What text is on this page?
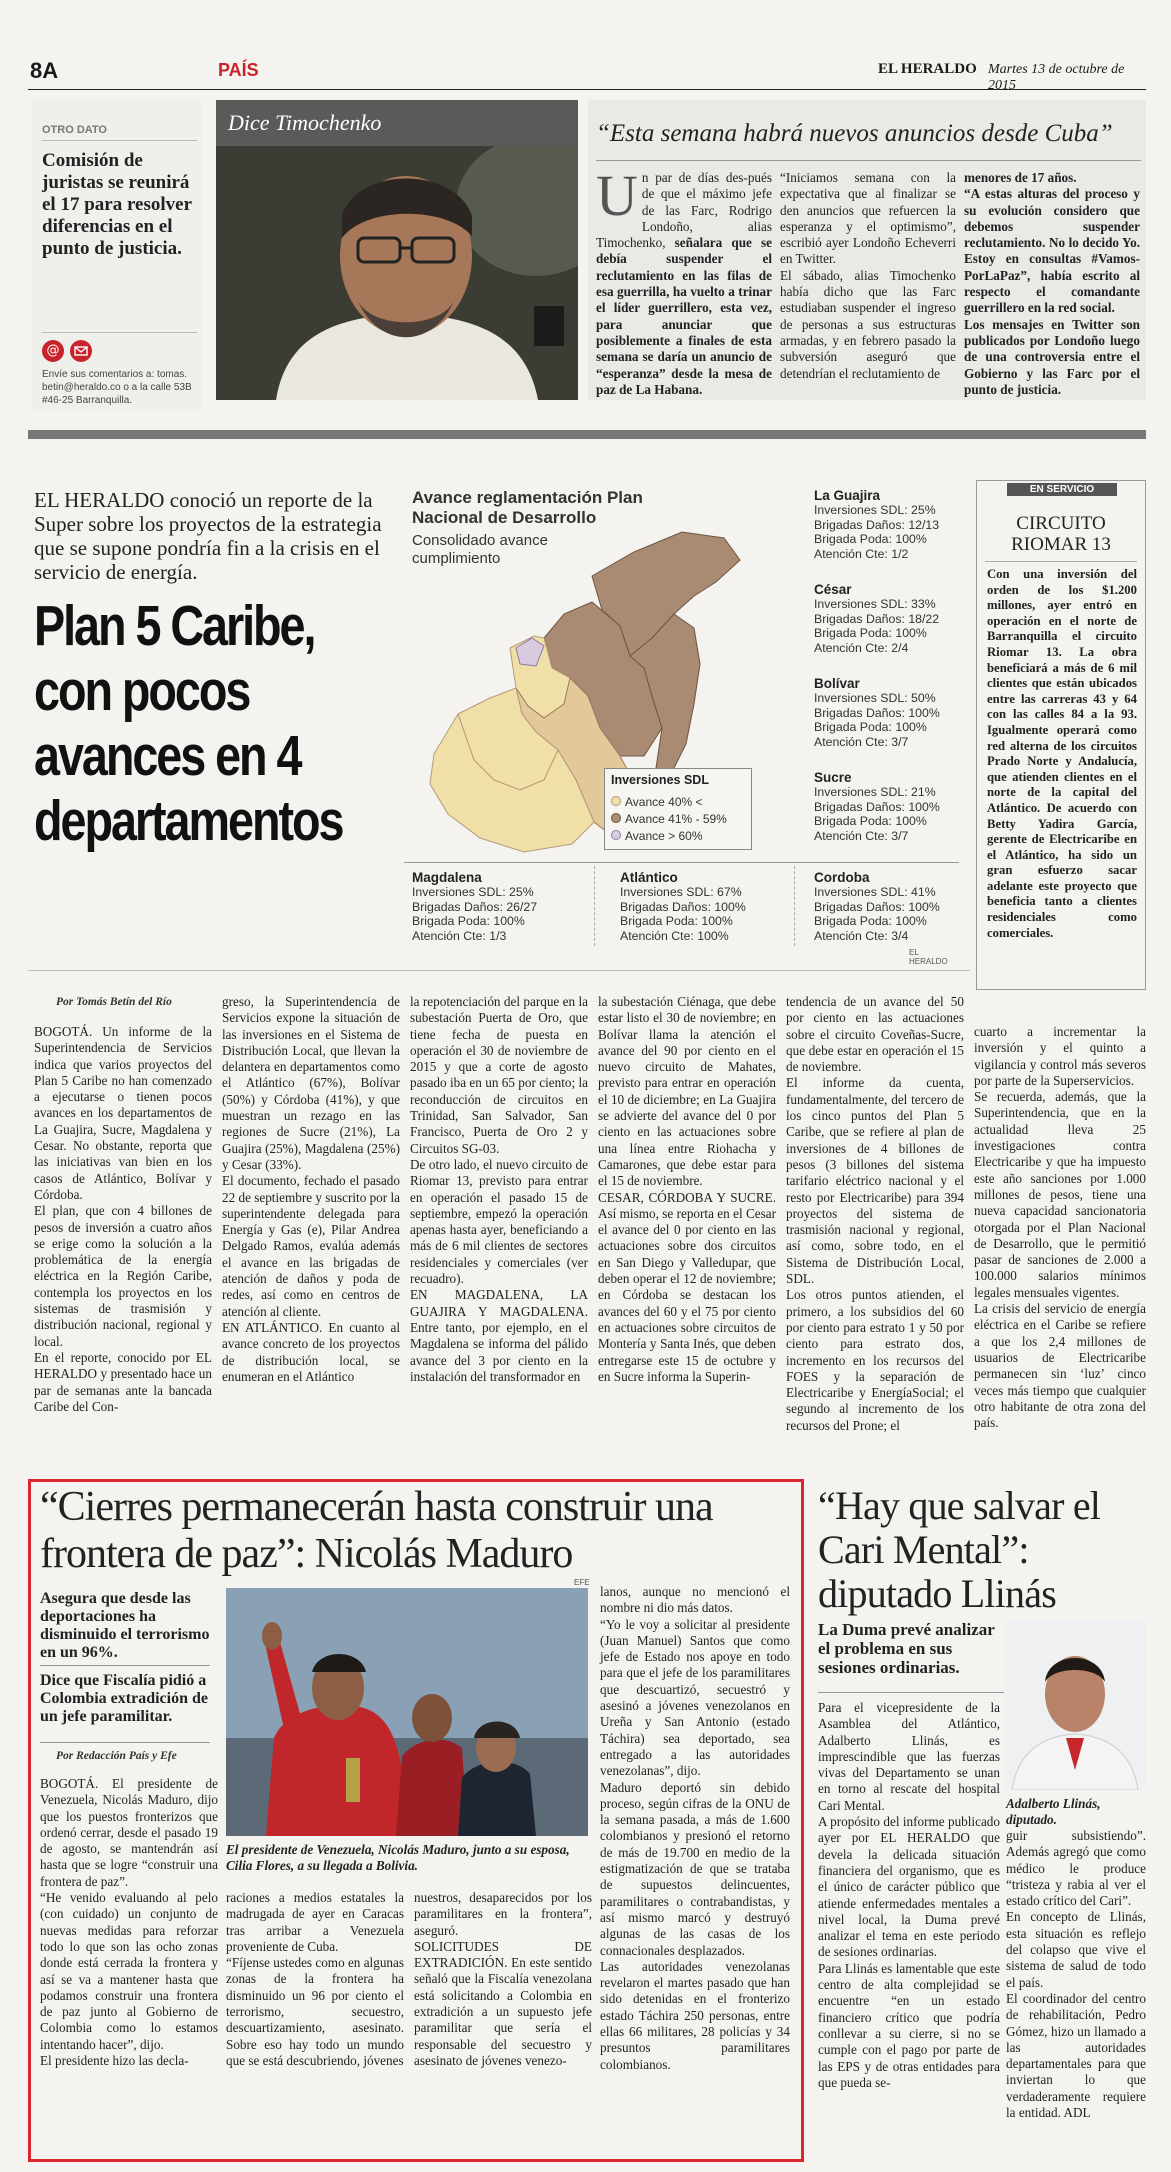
8A	PAÍS	EL HERALDO Martes 13 de octubre de 2015
OTRO DATO
Comisión de juristas se reunirá el 17 para resolver diferencias en el punto de justicia.
@
Envíe sus comentarios a: tomas. betin@heraldo.co o a la calle 53B #46-25 Barranquilla.
Dice Timochenko	“Esta semana habrá nuevos anuncios desde Cuba”
U n par de días des-pués de que el máximo jefe de las Farc, Rodrigo Londoño, alias Timochenko, señalara que se debía suspender el reclutamiento en las filas de esa guerrilla, ha vuelto a trinar el líder guerrillero, esta vez, para anunciar que posiblemente a finales de esta semana se daría un anuncio de “esperanza” desde la mesa de paz de La Habana.
“Iniciamos semana con la expectativa que al finalizar se den anuncios que refuercen la esperanza y el optimismo”, escribió ayer Londoño Echeverri en Twitter.
El sábado, alias Timochenko había dicho que las Farc estudiaban suspender el ingreso de personas a sus estructuras armadas, y en febrero pasado la subversión aseguró que detendrían el reclutamiento de
menores de 17 años.
“A estas alturas del proceso y su evolución considero que debemos suspender reclutamiento. No lo decido Yo. Estoy en consultas #Vamos-PorLaPaz”, había escrito al respecto el comandante guerrillero en la red social.
Los mensajes en Twitter son publicados por Londoño luego de una controversia entre el Gobierno y las Farc por el punto de justicia.
EL HERALDO conoció un reporte de la Super sobre los proyectos de la estrategia que se supone pondría fin a la crisis en el servicio de energía.
Plan 5 Caribe, con pocos avances en 4 departamentos
Avance reglamentación Plan Nacional de Desarrollo
Consolidado avance cumplimiento
Inversiones SDL
Avance 40% <
Avance 41% - 59%
Avance > 60%
La Guajira
Inversiones SDL: 25%
Brigadas Daños: 12/13
Brigada Poda: 100%
Atención Cte: 1/2
César
Inversiones SDL: 33%
Brigadas Daños: 18/22
Brigada Poda: 100%
Atención Cte: 2/4
Bolívar
Inversiones SDL: 50%
Brigadas Daños: 100%
Brigada Poda: 100%
Atención Cte: 3/7
Sucre
Inversiones SDL: 21%
Brigadas Daños: 100%
Brigada Poda: 100%
Atención Cte: 3/7
Magdalena
Inversiones SDL: 25%
Brigadas Daños: 26/27
Brigada Poda: 100%
Atención Cte: 1/3
Atlántico
Inversiones SDL: 67%
Brigadas Daños: 100%
Brigada Poda: 100%
Atención Cte: 100%
Cordoba
Inversiones SDL: 41%
Brigadas Daños: 100%
Brigada Poda: 100%
Atención Cte: 3/4
EL HERALDO
EN SERVICIO
CIRCUITO RIOMAR 13
Con una inversión del orden de los $1.200 millones, ayer entró en operación en el norte de Barranquilla el circuito Riomar 13. La obra beneficiará a más de 6 mil clientes que están ubicados entre las carreras 43 y 64 con las calles 84 a la 93. Igualmente operará como red alterna de los circuitos Prado Norte y Andalucía, que atienden clientes en el norte de la capital del Atlántico. De acuerdo con Betty Yadira García, gerente de Electricaribe en el Atlántico, ha sido un gran esfuerzo sacar adelante este proyecto que beneficia tanto a clientes residenciales como comerciales.
Por Tomás Betín del Río
BOGOTÁ. Un informe de la Superintendencia de Servicios indica que varios proyectos del Plan 5 Caribe no han comenzado a ejecutarse o tienen pocos avances en los departamentos de La Guajira, Sucre, Magdalena y Cesar. No obstante, reporta que las iniciativas van bien en los casos de Atlántico, Bolívar y Córdoba.
El plan, que con 4 billones de pesos de inversión a cuatro años se erige como la solución a la problemática de la energía eléctrica en la Región Caribe, contempla los proyectos en los sistemas de trasmisión y distribución nacional, regional y local.
En el reporte, conocido por EL HERALDO y presentado hace un par de semanas ante la bancada Caribe del Con-
greso, la Superintendencia de Servicios expone la situación de las inversiones en el Sistema de Distribución Local, que llevan la delantera en departamentos como el Atlántico (67%), Bolívar (50%) y Córdoba (41%), y que muestran un rezago en las regiones de Sucre (21%), La Guajira (25%), Magdalena (25%) y Cesar (33%).
El documento, fechado el pasado 22 de septiembre y suscrito por la superintendente delegada para Energía y Gas (e), Pilar Andrea Delgado Ramos, evalúa además el avance en las brigadas de atención de daños y poda de redes, así como en centros de atención al cliente.
EN ATLÁNTICO. En cuanto al avance concreto de los proyectos de distribución local, se enumeran en el Atlántico
la repotenciación del parque en la subestación Puerta de Oro, que tiene fecha de puesta en operación el 30 de noviembre de 2015 y que a corte de agosto pasado iba en un 65 por ciento; la reconducción de circuitos en Trinidad, San Salvador, San Francisco, Puerta de Oro 2 y Circuitos SG-03.
De otro lado, el nuevo circuito de Riomar 13, previsto para entrar en operación el pasado 15 de septiembre, empezó la operación apenas hasta ayer, beneficiando a más de 6 mil clientes de sectores residenciales y comerciales (ver recuadro).
EN MAGDALENA, LA GUAJIRA Y MAGDALENA. Entre tanto, por ejemplo, en el Magdalena se informa del pálido avance del 3 por ciento en la instalación del transformador en
la subestación Ciénaga, que debe estar listo el 30 de noviembre; en Bolívar llama la atención el avance del 90 por ciento en el nuevo circuito de Mahates, previsto para entrar en operación el 10 de diciembre; en La Guajira se advierte del avance del 0 por ciento en las actuaciones sobre una línea entre Riohacha y Camarones, que debe estar para el 15 de noviembre.
CESAR, CÓRDOBA Y SUCRE. Así mismo, se reporta en el Cesar el avance del 0 por ciento en las actuaciones sobre dos circuitos en San Diego y Valledupar, que deben operar el 12 de noviembre; en Córdoba se destacan los avances del 60 y el 75 por ciento en actuaciones sobre circuitos de Montería y Santa Inés, que deben entregarse este 15 de octubre y en Sucre informa la Superin-
tendencia de un avance del 50 por ciento en las actuaciones sobre el circuito Coveñas-Sucre, que debe estar en operación el 15 de noviembre.
El informe da cuenta, fundamentalmente, del tercero de los cinco puntos del Plan 5 Caribe, que se refiere al plan de inversiones de 4 billones de pesos (3 billones del sistema tarifario eléctrico nacional y el resto por Electricaribe) para 394 proyectos del sistema de trasmisión nacional y regional, así como, sobre todo, en el Sistema de Distribución Local, SDL.
Los otros puntos atienden, el primero, a los subsidios del 60 por ciento para estrato 1 y 50 por ciento para estrato dos, incremento en los recursos del FOES y la separación de Electricaribe y EnergíaSocial; el segundo al incremento de los recursos del Prone; el
cuarto a incrementar la inversión y el quinto a vigilancia y control más severos por parte de la Superservicios.
Se recuerda, además, que la Superintendencia, que en la actualidad lleva 25 investigaciones contra Electricaribe y que ha impuesto este año sanciones por 1.000 millones de pesos, tiene una nueva capacidad sancionatoria otorgada por el Plan Nacional de Desarrollo, que le permitió pasar de sanciones de 2.000 a 100.000 salarios mínimos legales mensuales vigentes.
La crisis del servicio de energía eléctrica en el Caribe se refiere a que los 2,4 millones de usuarios de Electricaribe permanecen sin ‘luz’ cinco veces más tiempo que cualquier otro habitante de otra zona del país.
“Cierres permanecerán hasta construir una frontera de paz”: Nicolás Maduro
Asegura que desde las deportaciones ha disminuido el terrorismo en un 96%.
Dice que Fiscalía pidió a Colombia extradición de un jefe paramilitar.
Por Redacción País y Efe
EFE
El presidente de Venezuela, Nicolás Maduro, junto a su esposa, Cilia Flores, a su llegada a Bolivia.
BOGOTÁ. El presidente de Venezuela, Nicolás Maduro, dijo que los puestos fronterizos que ordenó cerrar, desde el pasado 19 de agosto, se mantendrán así hasta que se logre “construir una frontera de paz”.
“He venido evaluando al pelo (con cuidado) un conjunto de nuevas medidas para reforzar todo lo que son las ocho zonas donde está cerrada la frontera y así se va a mantener hasta que podamos construir una frontera de paz junto al Gobierno de Colombia como lo estamos intentando hacer”, dijo.
El presidente hizo las decla-
raciones a medios estatales la madrugada de ayer en Caracas tras arribar a Venezuela proveniente de Cuba.
“Fíjense ustedes como en algunas zonas de la frontera ha disminuido un 96 por ciento el terrorismo, secuestro, descuartizamiento, asesinato. Sobre eso hay todo un mundo que se está descubriendo, jóvenes
nuestros, desaparecidos por los paramilitares en la frontera”, aseguró.
SOLICITUDES DE EXTRADICIÓN. En este sentido señaló que la Fiscalía venezolana está solicitando a Colombia en extradición a un supuesto jefe paramilitar que sería el responsable del secuestro y asesinato de jóvenes venezo-
lanos, aunque no mencionó el nombre ni dio más datos.
“Yo le voy a solicitar al presidente (Juan Manuel) Santos que como jefe de Estado nos apoye en todo para que el jefe de los paramilitares que descuartizó, secuestró y asesinó a jóvenes venezolanos en Ureña y San Antonio (estado Táchira) sea deportado, sea entregado a las autoridades venezolanas”, dijo.
Maduro deportó sin debido proceso, según cifras de la ONU de la semana pasada, a más de 1.600 colombianos y presionó el retorno de más de 19.700 en medio de la estigmatización de que se trataba de supuestos delincuentes, paramilitares o contrabandistas, y así mismo marcó y destruyó algunas de las casas de los connacionales desplazados.
Las autoridades venezolanas revelaron el martes pasado que han sido detenidas en el fronterizo estado Táchira 250 personas, entre ellas 66 militares, 28 policías y 34 presuntos paramilitares colombianos.
“Hay que salvar el Cari Mental”: diputado Llinás
La Duma prevé analizar el problema en sus sesiones ordinarias.
Adalberto Llinás, diputado.
Para el vicepresidente de la Asamblea del Atlántico, Adalberto Llinás, es imprescindible que las fuerzas vivas del Departamento se unan en torno al rescate del hospital Cari Mental.
A propósito del informe publicado ayer por EL HERALDO que devela la delicada situación financiera del organismo, que es el único de carácter público que atiende enfermedades mentales a nivel local, la Duma prevé analizar el tema en este periodo de sesiones ordinarias.
Para Llinás es lamentable que este centro de alta complejidad se encuentre “en un estado financiero crítico que podría conllevar a su cierre, si no se cumple con el pago por parte de las EPS y de otras entidades para que pueda se-
guir subsistiendo”. Además agregó que como médico le produce “tristeza y rabia al ver el estado crítico del Cari”.
En concepto de Llinás, esta situación es reflejo del colapso que vive el sistema de salud de todo el país.
El coordinador del centro de rehabilitación, Pedro Gómez, hizo un llamado a las autoridades departamentales para que inviertan lo que verdaderamente requiere la entidad. ADL
